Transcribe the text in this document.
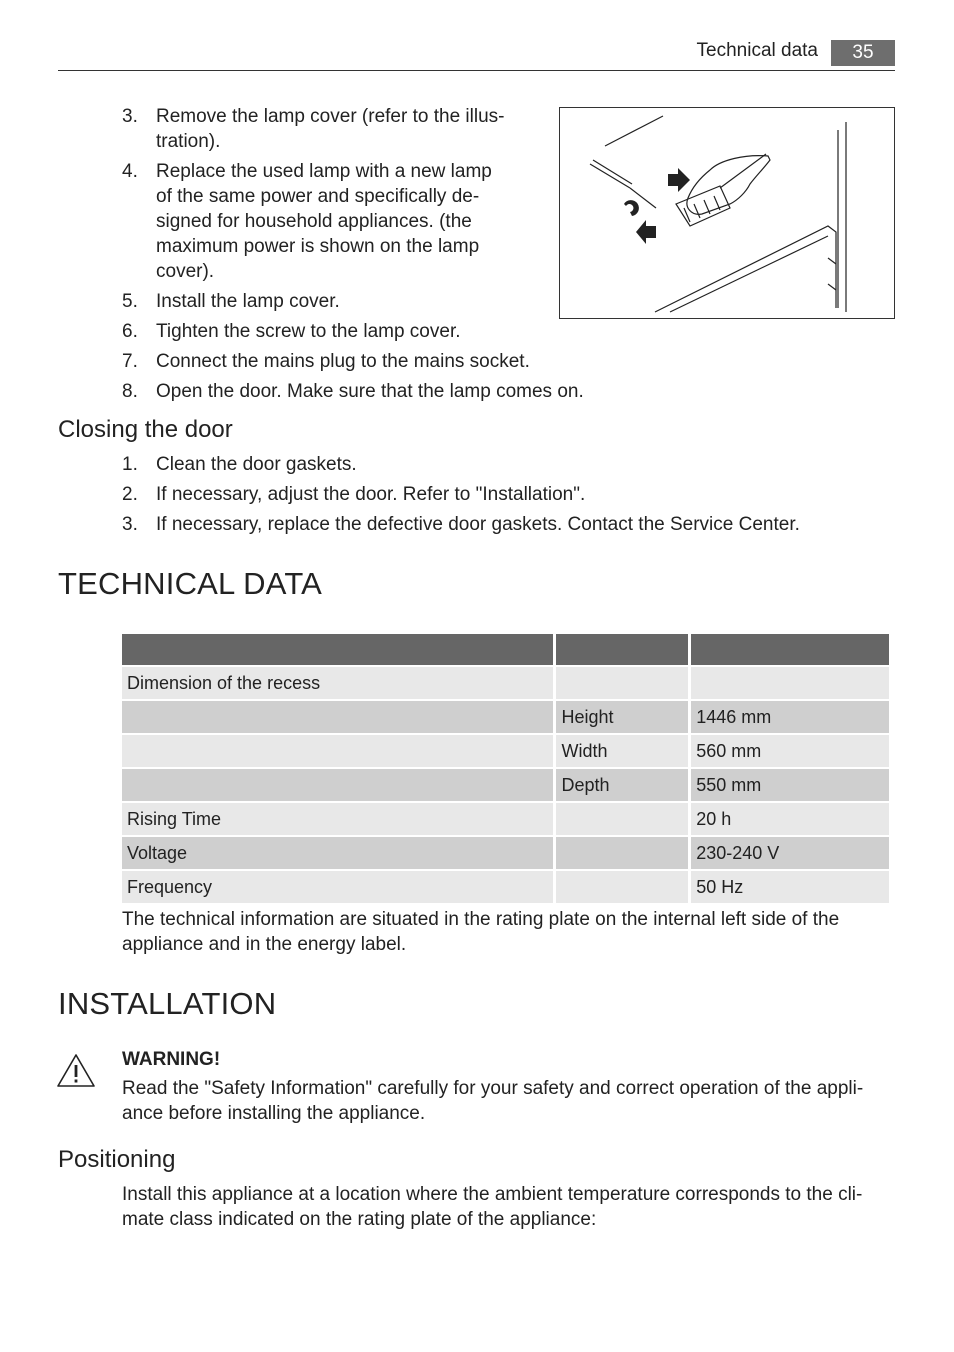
Technical data	35
3. Remove the lamp cover (refer to the illus-
tration).
4. Replace the used lamp with a new lamp
of the same power and specifically de-
signed for household appliances. (the
maximum power is shown on the lamp
cover).
5. Install the lamp cover.
6. Tighten the screw to the lamp cover.
7. Connect the mains plug to the mains socket.
8. Open the door. Make sure that the lamp comes on.
Closing the door
1. Clean the door gaskets.
2. If necessary, adjust the door. Refer to "Installation".
3. If necessary, replace the defective door gaskets. Contact the Service Center.
TECHNICAL DATA

Dimension of the recess		
	Height	1446 mm
	Width	560 mm
	Depth	550 mm
Rising Time		20 h
Voltage		230-240 V
Frequency		50 Hz
The technical information are situated in the rating plate on the internal left side of the appliance and in the energy label.
INSTALLATION
WARNING!
Read the "Safety Information" carefully for your safety and correct operation of the appli-
ance before installing the appliance.
Positioning
Install this appliance at a location where the ambient temperature corresponds to the cli-
mate class indicated on the rating plate of the appliance:
